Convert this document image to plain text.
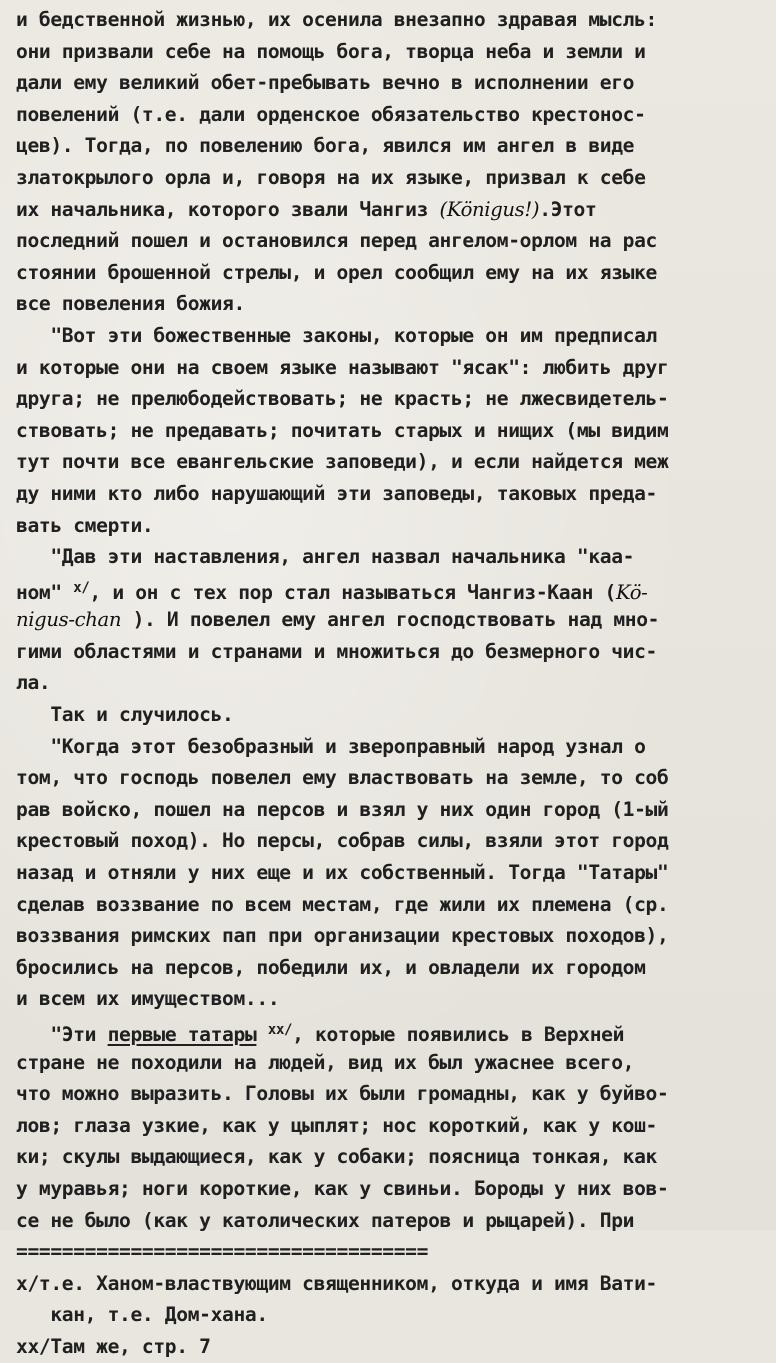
и бедственной жизнью, их осенила внезапно здравая мысль:
они призвали себе на помощь бога, творца неба и земли и
дали ему великий обет-пребывать вечно в исполнении его
повелений (т.е. дали орденское обязательство крестонос-
цев). Тогда, по повелению бога, явился им ангел в виде
златокрылого орла и, говоря на их языке, призвал к себе
их начальника, которого звали Чангиз (Königus!).Этот
последний пошел и остановился перед ангелом-орлом на рас
стоянии брошенной стрелы, и орел сообщил ему на их языке
все повеления божия.
"Вот эти божественные законы, которые он им предписал
и которые они на своем языке называют "ясак": любить друг
друга; не прелюбодействовать; не красть; не лжесвидетель-
ствовать; не предавать; почитать старых и нищих (мы видим
тут почти все евангельские заповеди), и если найдется меж
ду ними кто либо нарушающий эти заповеды, таковых преда-
вать смерти.
"Дав эти наставления, ангел назвал начальника "каа-
ном" $^{x/}$, и он с тех пор стал называться Чангиз-Каан (Kö-
nigus-chan ). И повелел ему ангел господствовать над мно-
гими областями и странами и множиться до безмерного чис-
ла.
Так и случилось.
"Когда этот безобразный и звероправный народ узнал о
том, что господь повелел ему властвовать на земле, то соб
рав войско, пошел на персов и взял у них один город (1-ый
крестовый поход). Но персы, собрав силы, взяли этот город
назад и отняли у них еще и их собственный. Тогда "Татары"
сделав воззвание по всем местам, где жили их племена (ср.
воззвания римских пап при организации крестовых походов),
бросились на персов, победили их, и овладели их городом
и всем их имуществом...
"Эти первые татары $^{xx/}$, которые появились в Верхней
стране не походили на людей, вид их был ужаснее всего,
что можно выразить. Головы их были громадны, как у буйво-
лов; глаза узкие, как у цыплят; нос короткий, как у кош-
ки; скулы выдающиеся, как у собаки; поясница тонкая, как
у муравья; ноги короткие, как у свиньи. Бороды у них вов-
се не было (как у католических патеров и рыцарей). При
====================================
x/т.е. Ханом-властвующим священником, откуда и имя Вати-
кан, т.е. Дом-хана.
xx/Там же, стр. 7
